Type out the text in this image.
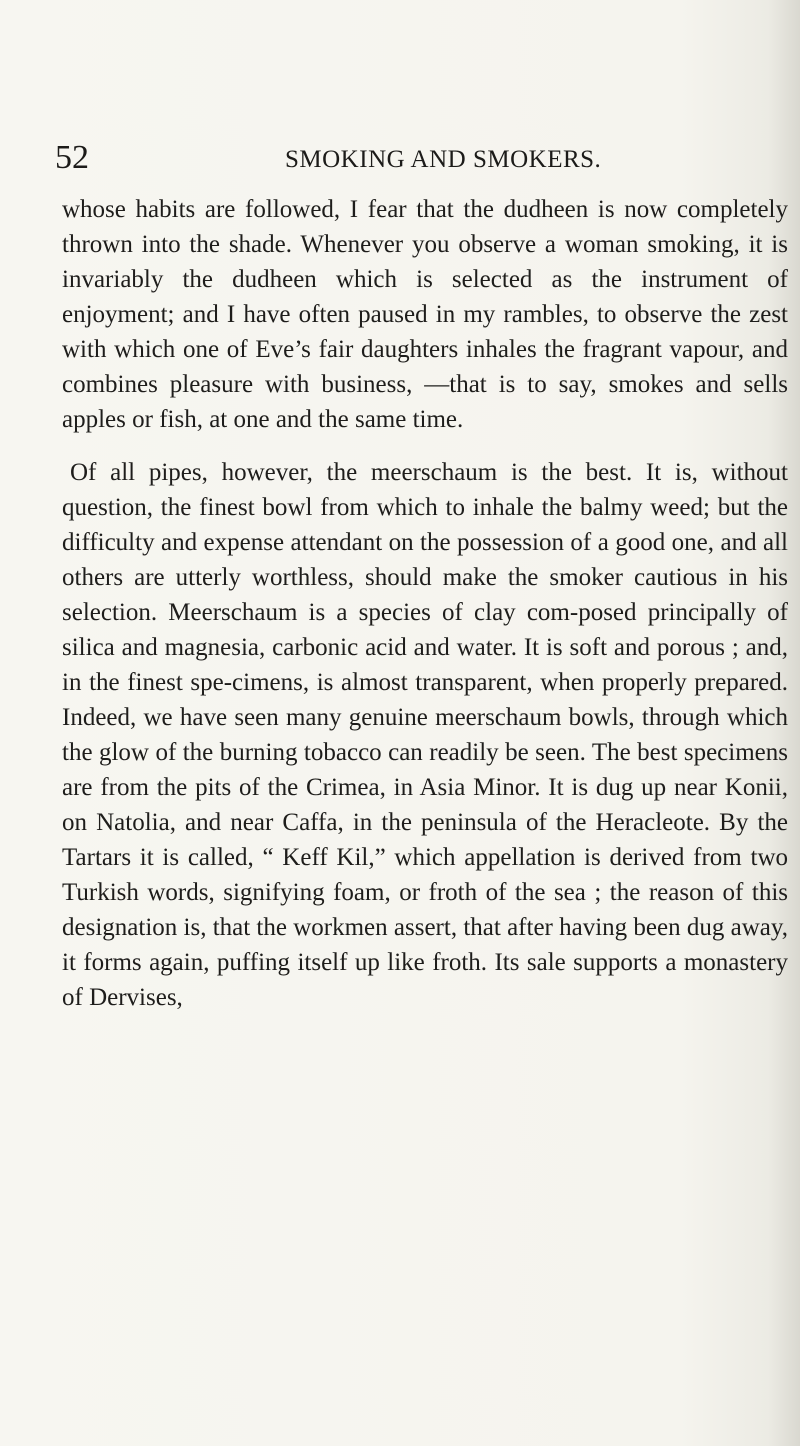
52	SMOKING AND SMOKERS.

whose habits are followed, I fear that the dudheen is now completely thrown into the shade. Whenever you observe a woman smoking, it is invariably the dudheen which is selected as the instrument of enjoyment; and I have often paused in my rambles, to observe the zest with which one of Eve’s fair daughters inhales the fragrant vapour, and combines pleasure with business, —that is to say, smokes and sells apples or fish, at one and the same time.

Of all pipes, however, the meerschaum is the best. It is, without question, the finest bowl from which to inhale the balmy weed; but the difficulty and expense attendant on the possession of a good one, and all others are utterly worthless, should make the smoker cautious in his selection. Meerschaum is a species of clay com-posed principally of silica and magnesia, carbonic acid and water. It is soft and porous ; and, in the finest spe-cimens, is almost transparent, when properly prepared. Indeed, we have seen many genuine meerschaum bowls, through which the glow of the burning tobacco can readily be seen. The best specimens are from the pits of the Crimea, in Asia Minor. It is dug up near Konii, on Natolia, and near Caffa, in the peninsula of the Heracleote. By the Tartars it is called, “ Keff Kil,” which appellation is derived from two Turkish words, signifying foam, or froth of the sea ; the reason of this designation is, that the workmen assert, that after having been dug away, it forms again, puffing itself up like froth. Its sale supports a monastery of Dervises,
